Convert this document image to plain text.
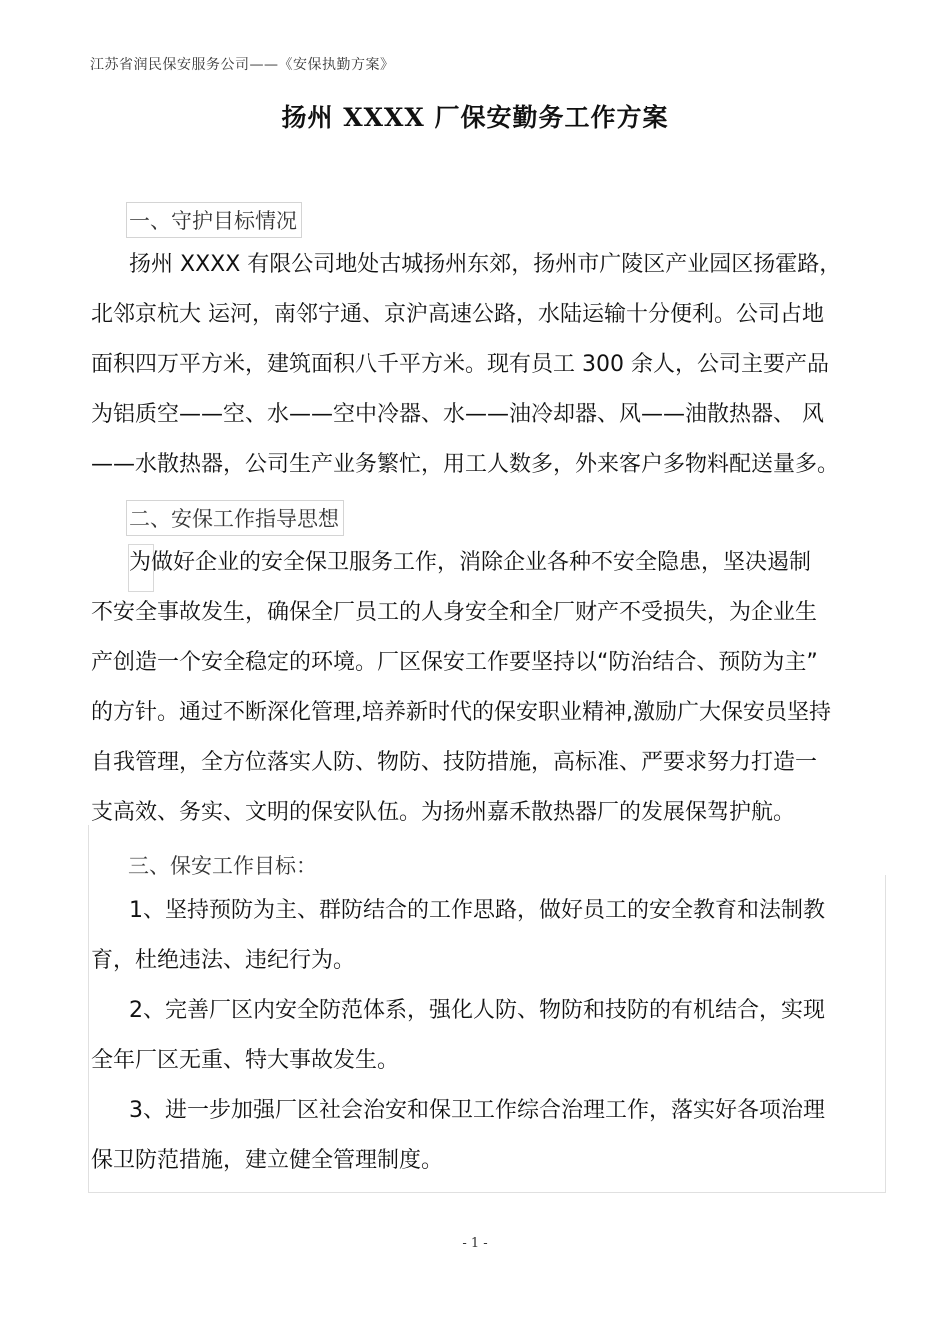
江苏省润民保安服务公司——《安保执勤方案》
扬州 XXXX 厂保安勤务工作方案
一、守护目标情况
扬州 XXXX 有限公司地处古城扬州东郊，扬州市广陵区产业园区扬霍路，
北邻京杭大 运河，南邻宁通、京沪高速公路，水陆运输十分便利。公司占地
面积四万平方米，建筑面积八千平方米。现有员工 300 余人，公司主要产品
为铝质空——空、水——空中冷器、水——油冷却器、风——油散热器、 风
——水散热器，公司生产业务繁忙，用工人数多，外来客户多物料配送量多。
二、安保工作指导思想
为做好企业的安全保卫服务工作，消除企业各种不安全隐患，坚决遏制
不安全事故发生，确保全厂员工的人身安全和全厂财产不受损失，为企业生
产创造一个安全稳定的环境。厂区保安工作要坚持以“防治结合、预防为主”
的方针。通过不断深化管理,培养新时代的保安职业精神,激励广大保安员坚持
自我管理，全方位落实人防、物防、技防措施，高标准、严要求努力打造一
支高效、务实、文明的保安队伍。为扬州嘉禾散热器厂的发展保驾护航。
三、保安工作目标：
1、坚持预防为主、群防结合的工作思路，做好员工的安全教育和法制教
育，杜绝违法、违纪行为。
2、完善厂区内安全防范体系，强化人防、物防和技防的有机结合，实现
全年厂区无重、特大事故发生。
3、进一步加强厂区社会治安和保卫工作综合治理工作，落实好各项治理
保卫防范措施，建立健全管理制度。
- 1 -
